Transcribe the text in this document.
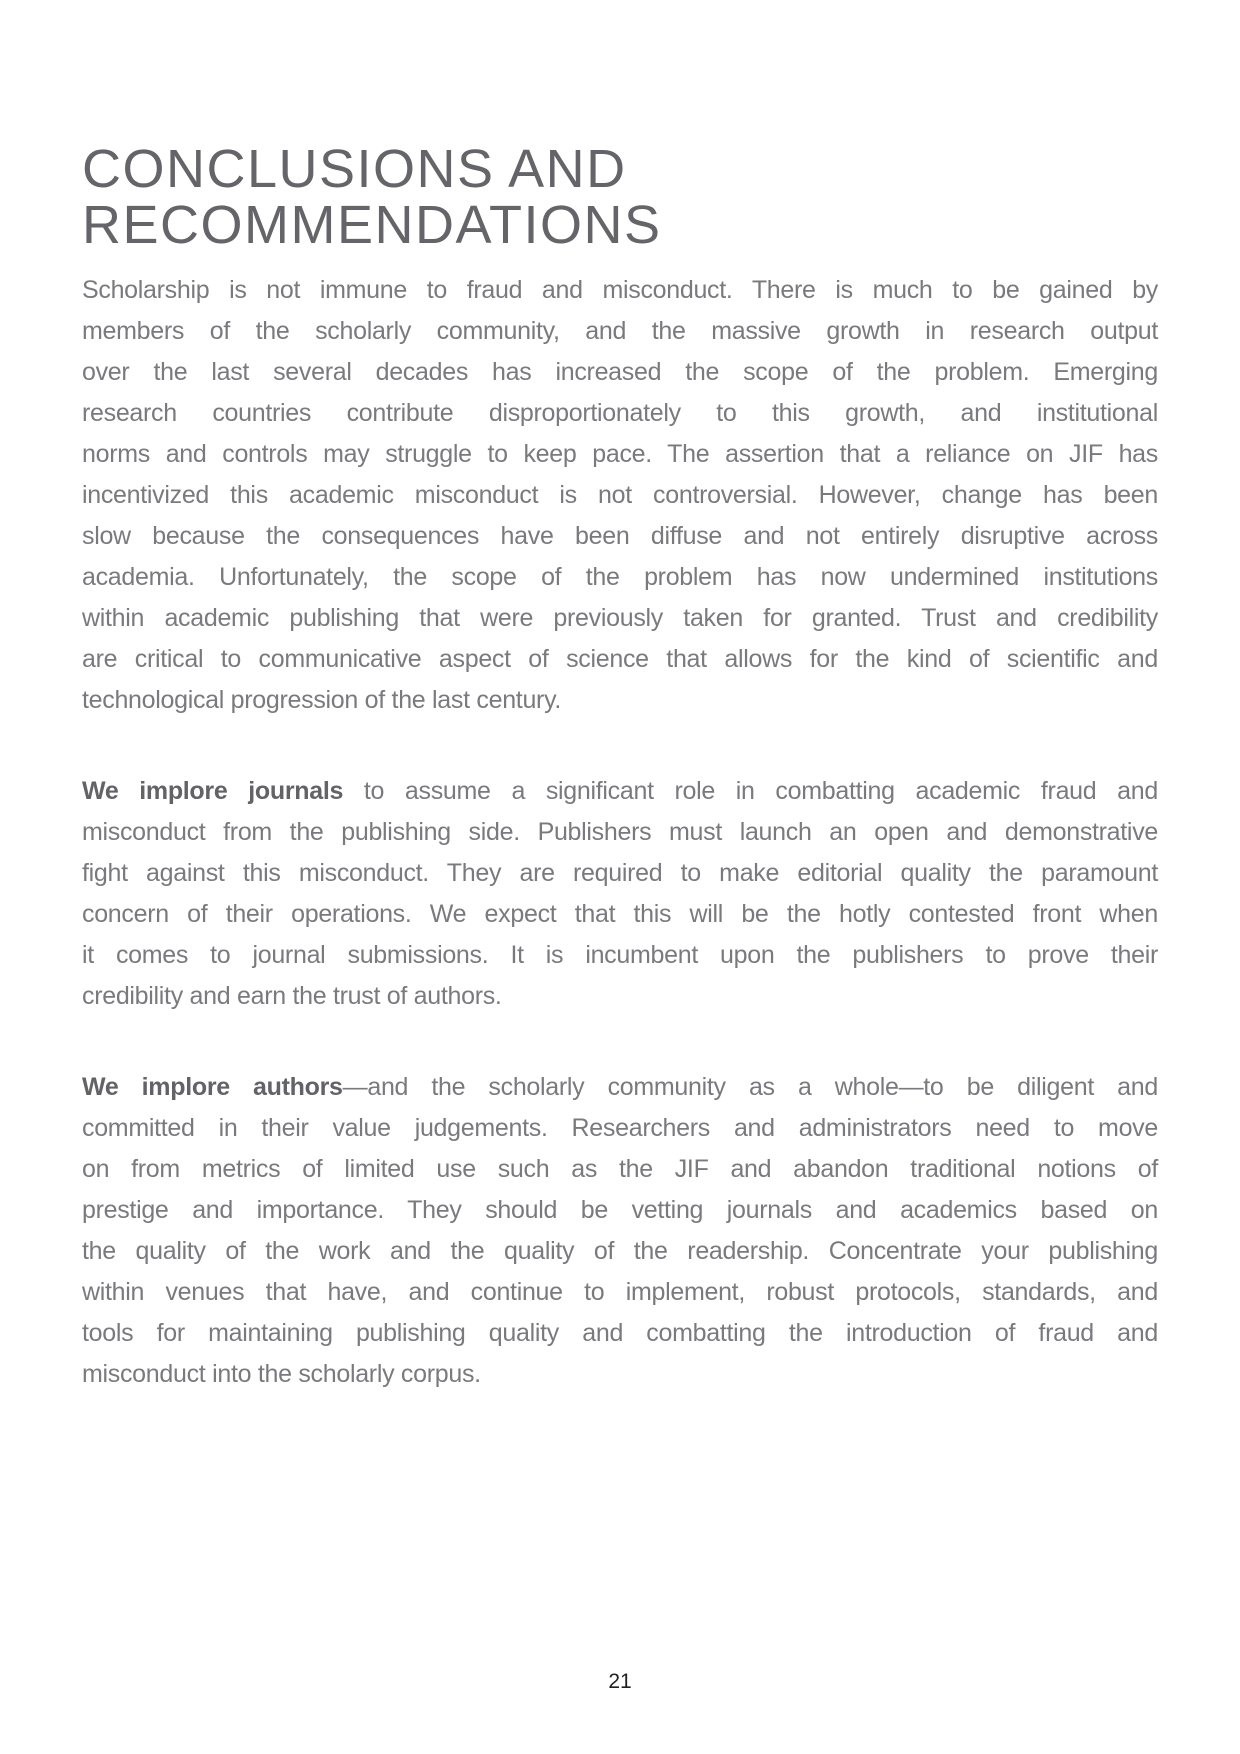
CONCLUSIONS AND RECOMMENDATIONS
Scholarship is not immune to fraud and misconduct. There is much to be gained by
members of the scholarly community, and the massive growth in research output
over the last several decades has increased the scope of the problem. Emerging
research countries contribute disproportionately to this growth, and institutional
norms and controls may struggle to keep pace. The assertion that a reliance on JIF has
incentivized this academic misconduct is not controversial. However, change has been
slow because the consequences have been diffuse and not entirely disruptive across
academia. Unfortunately, the scope of the problem has now undermined institutions
within academic publishing that were previously taken for granted. Trust and credibility
are critical to communicative aspect of science that allows for the kind of scientific and
technological progression of the last century.
We implore journals to assume a significant role in combatting academic fraud and
misconduct from the publishing side. Publishers must launch an open and demonstrative
fight against this misconduct. They are required to make editorial quality the paramount
concern of their operations. We expect that this will be the hotly contested front when
it comes to journal submissions. It is incumbent upon the publishers to prove their
credibility and earn the trust of authors.
We implore authors—and the scholarly community as a whole—to be diligent and
committed in their value judgements. Researchers and administrators need to move
on from metrics of limited use such as the JIF and abandon traditional notions of
prestige and importance. They should be vetting journals and academics based on
the quality of the work and the quality of the readership. Concentrate your publishing
within venues that have, and continue to implement, robust protocols, standards, and
tools for maintaining publishing quality and combatting the introduction of fraud and
misconduct into the scholarly corpus.
21
